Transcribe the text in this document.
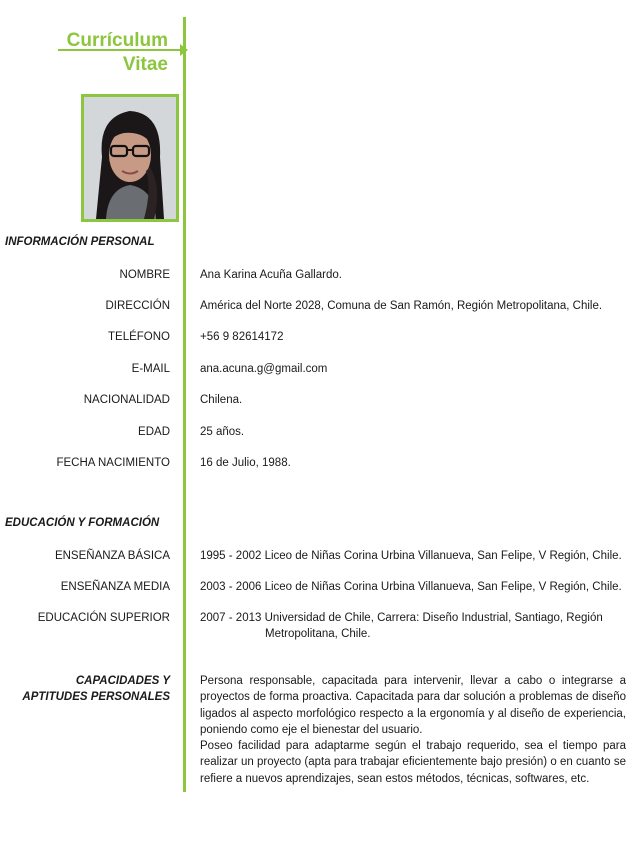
Currículum
Vitae
INFORMACIÓN PERSONAL
NOMBRE	Ana Karina Acuña Gallardo.
DIRECCIÓN	América del Norte 2028, Comuna de San Ramón, Región Metropolitana, Chile.
TELÉFONO	+56 9 82614172
E-MAIL	ana.acuna.g@gmail.com
NACIONALIDAD	Chilena.
EDAD	25 años.
FECHA NACIMIENTO	16 de Julio, 1988.
EDUCACIÓN Y FORMACIÓN
ENSEÑANZA BÁSICA	1995 - 2002 Liceo de Niñas Corina Urbina Villanueva, San Felipe, V Región, Chile.
ENSEÑANZA MEDIA	2003 - 2006 Liceo de Niñas Corina Urbina Villanueva, San Felipe, V Región, Chile.
EDUCACIÓN SUPERIOR	2007 - 2013 Universidad de Chile, Carrera: Diseño Industrial, Santiago, Región
Metropolitana, Chile.
CAPACIDADES Y
APTITUDES PERSONALES

Persona responsable, capacitada para intervenir, llevar a cabo o integrarse a proyectos de forma proactiva. Capacitada para dar solución a problemas de diseño ligados al aspecto morfológico respecto a la ergonomía y al diseño de experiencia, poniendo como eje el bienestar del usuario.

Poseo facilidad para adaptarme según el trabajo requerido, sea el tiempo para realizar un proyecto (apta para trabajar eficientemente bajo presión) o en cuanto se refiere a nuevos aprendizajes, sean estos métodos, técnicas, softwares, etc.
